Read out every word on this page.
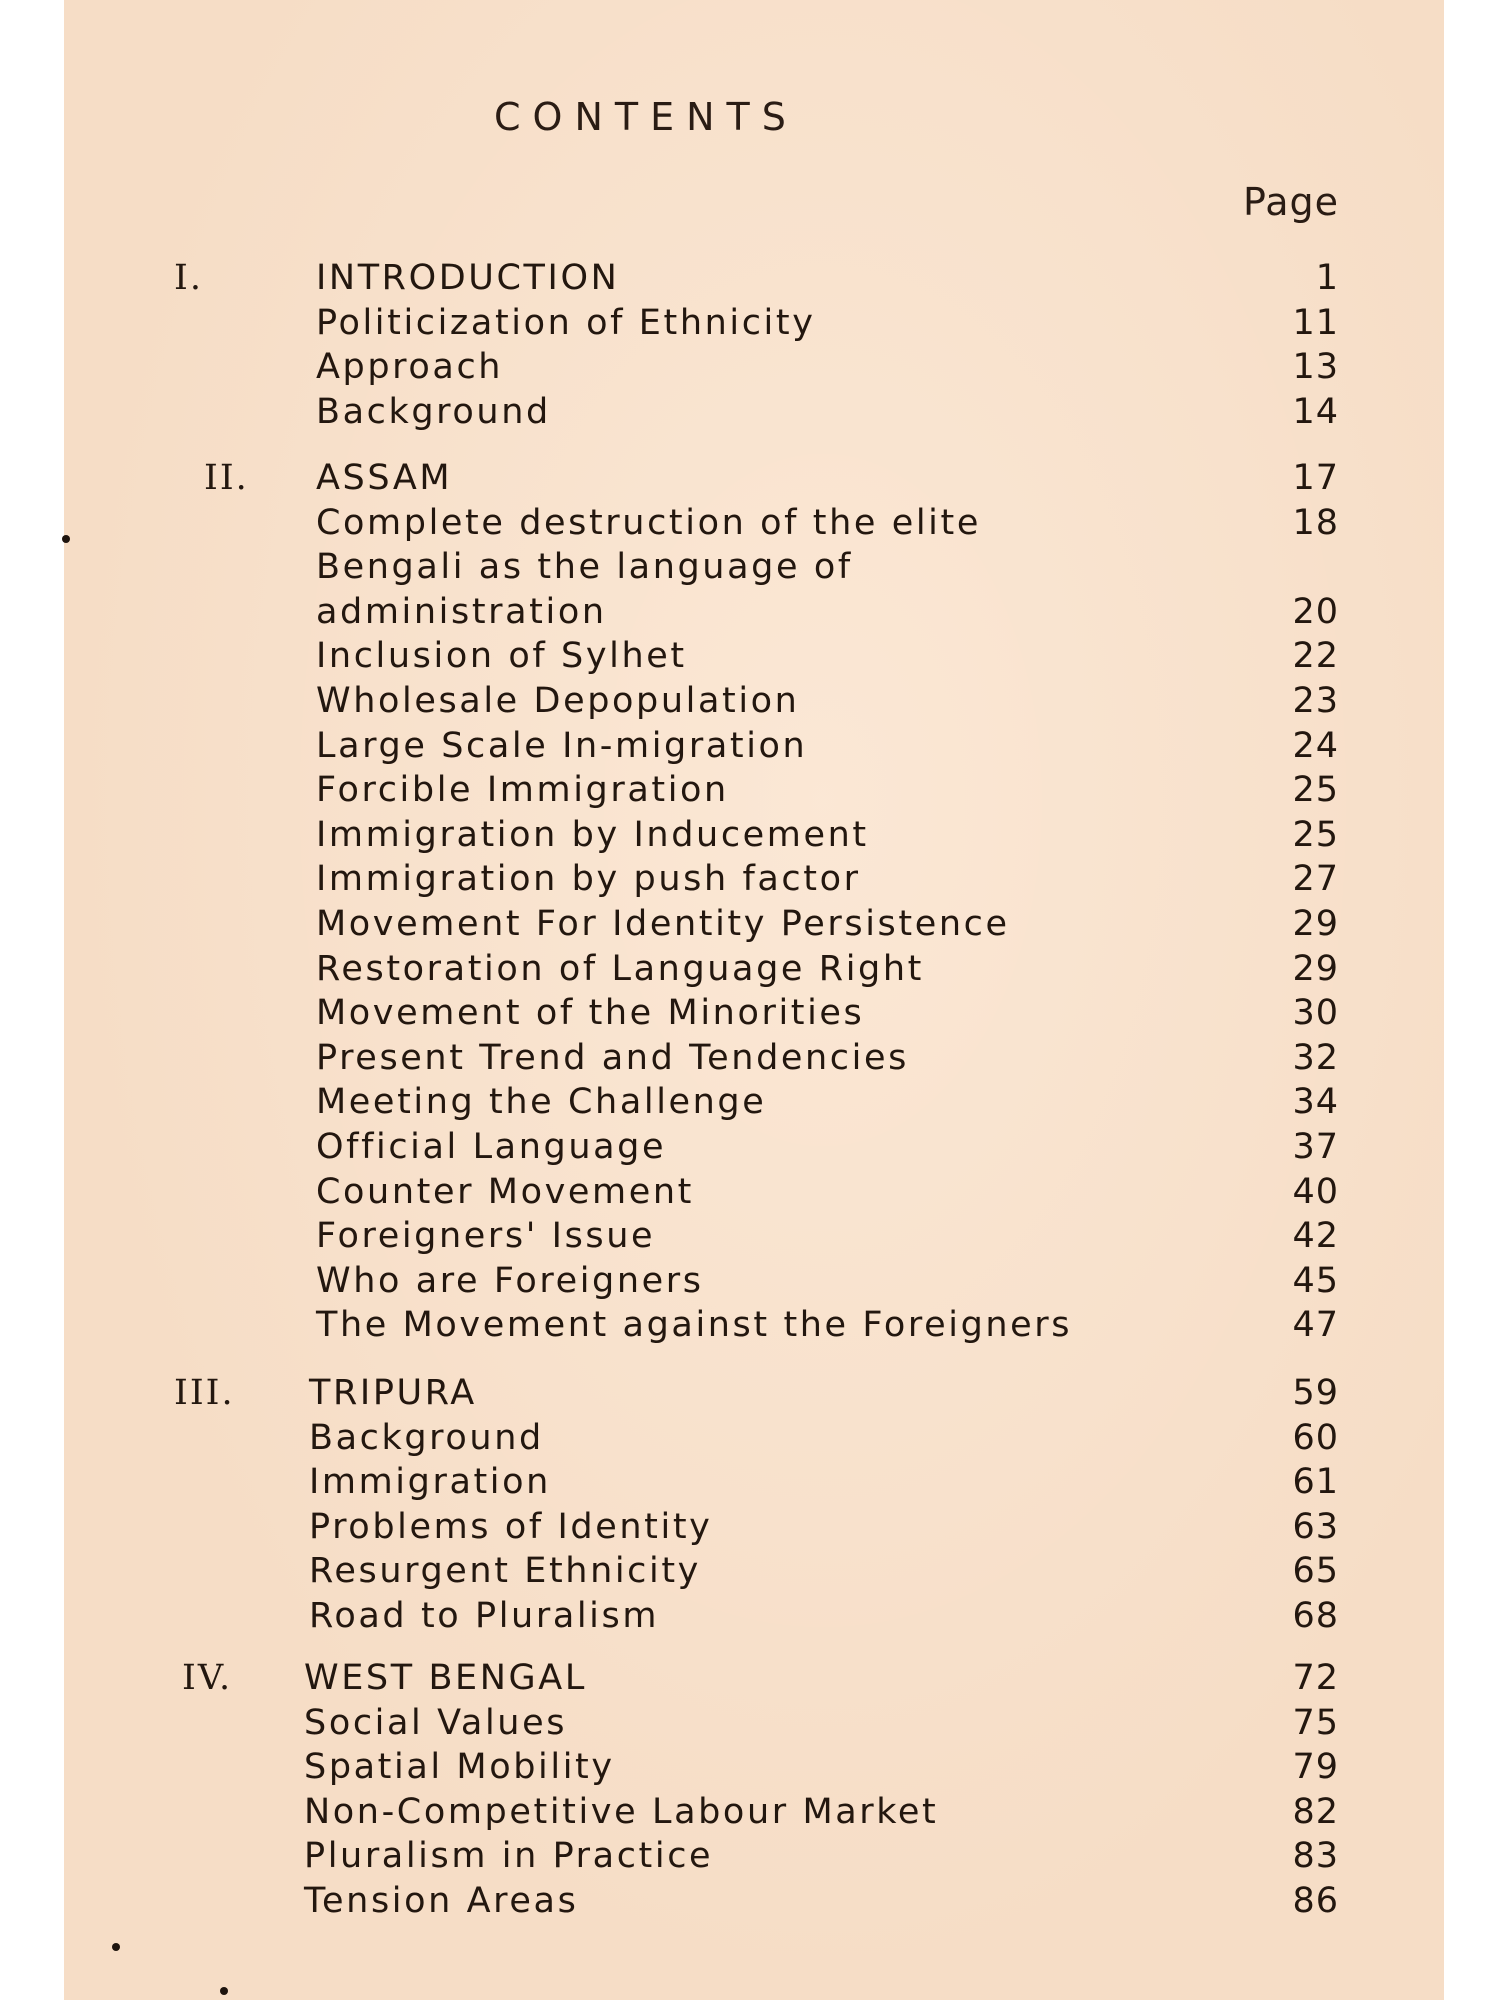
CONTENTS
Page
I.	INTRODUCTION	1
Politicization of Ethnicity	11
Approach	13
Background	14
II. ASSAM	17
Complete destruction of the elite	18
Bengali as the language of
administration	20
Inclusion of Sylhet	22
Wholesale Depopulation	23
Large Scale In-migration	24
Forcible Immigration	25
Immigration by Inducement	25
Immigration by push factor	27
Movement For Identity Persistence	29
Restoration of Language Right	29
Movement of the Minorities	30
Present Trend and Tendencies	32
Meeting the Challenge	34
Official Language	37
Counter Movement	40
Foreigners' Issue	42
Who are Foreigners	45
The Movement against the Foreigners	47
III. TRIPURA	59
Background	60
Immigration	61
Problems of Identity	63
Resurgent Ethnicity	65
Road to Pluralism	68
IV. WEST BENGAL	72
Social Values	75
Spatial Mobility	79
Non-Competitive Labour Market	82
Pluralism in Practice	83
Tension Areas	86
